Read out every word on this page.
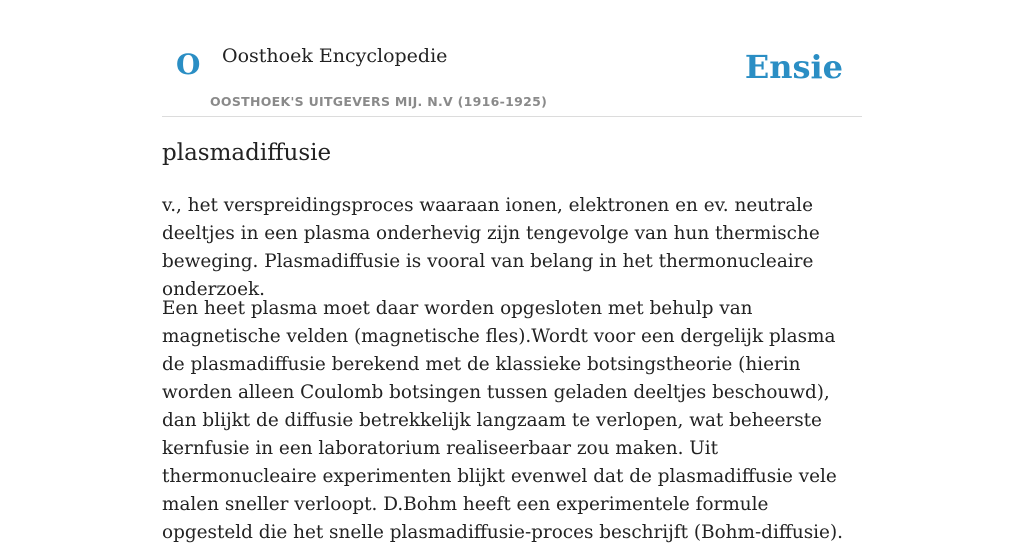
O Oosthoek Encyclopedie
OOSTHOEK'S UITGEVERS MIJ. N.V (1916-1925)
Ensie
plasmadiffusie

v., het verspreidingsproces waaraan ionen, elektronen en ev. neutrale deeltjes in een plasma onderhevig zijn tengevolge van hun thermische beweging. Plasmadiffusie is vooral van belang in het thermonucleaire onderzoek.

Een heet plasma moet daar worden opgesloten met behulp van magnetische velden (magnetische fles).Wordt voor een dergelijk plasma de plasmadiffusie berekend met de klassieke botsingstheorie (hierin worden alleen Coulomb botsingen tussen geladen deeltjes beschouwd), dan blijkt de diffusie betrekkelijk langzaam te verlopen, wat beheerste kernfusie in een laboratorium realiseerbaar zou maken. Uit thermonucleaire experimenten blijkt evenwel dat de plasmadiffusie vele malen sneller verloopt. D.Bohm heeft een experimentele formule opgesteld die het snelle plasmadiffusie-proces beschrijft (Bohm-diffusie).
